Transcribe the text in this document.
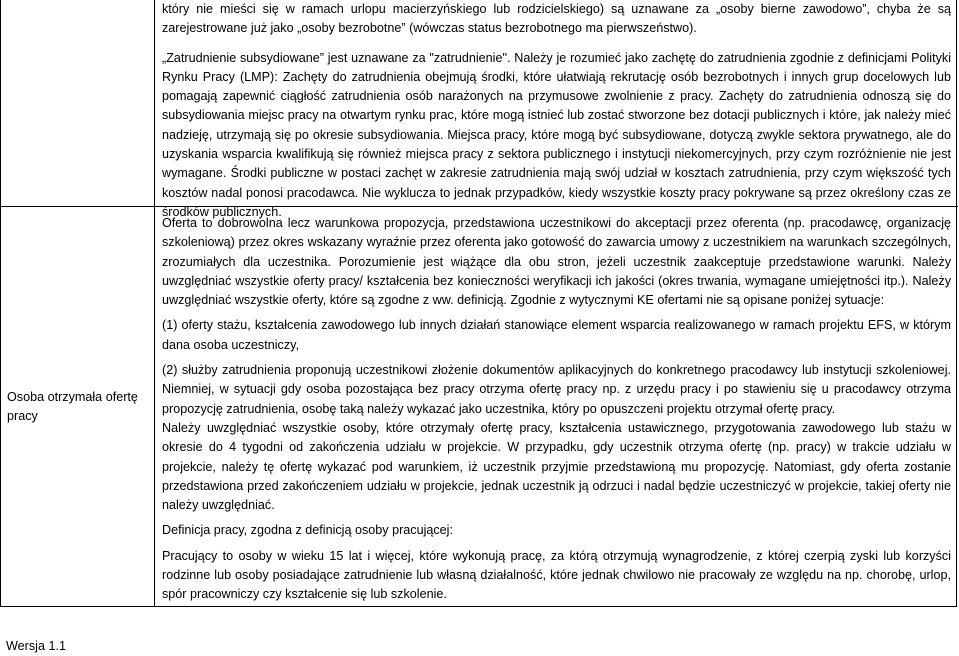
który nie mieści się w ramach urlopu macierzyńskiego lub rodzicielskiego) są uznawane za „osoby bierne zawodowo”, chyba że są zarejestrowane już jako „osoby bezrobotne” (wówczas status bezrobotnego ma pierwszeństwo).

„Zatrudnienie subsydiowane” jest uznawane za "zatrudnienie". Należy je rozumieć jako zachętę do zatrudnienia zgodnie z definicjami Polityki Rynku Pracy (LMP): Zachęty do zatrudnienia obejmują środki, które ułatwiają rekrutację osób bezrobotnych i innych grup docelowych lub pomagają zapewnić ciągłość zatrudnienia osób narażonych na przymusowe zwolnienie z pracy. Zachęty do zatrudnienia odnoszą się do subsydiowania miejsc pracy na otwartym rynku prac, które mogą istnieć lub zostać stworzone bez dotacji publicznych i które, jak należy mieć nadzieję, utrzymają się po okresie subsydiowania. Miejsca pracy, które mogą być subsydiowane, dotyczą zwykle sektora prywatnego, ale do uzyskania wsparcia kwalifikują się również miejsca pracy z sektora publicznego i instytucji niekomercyjnych, przy czym rozróżnienie nie jest wymagane. Środki publiczne w postaci zachęt w zakresie zatrudnienia mają swój udział w kosztach zatrudnienia, przy czym większość tych kosztów nadal ponosi pracodawca. Nie wyklucza to jednak przypadków, kiedy wszystkie koszty pracy pokrywane są przez określony czas ze środków publicznych.

Osoba otrzymała ofertę pracy

Oferta to dobrowolna lecz warunkowa propozycja, przedstawiona uczestnikowi do akceptacji przez oferenta (np. pracodawcę, organizację szkoleniową) przez okres wskazany wyraźnie przez oferenta jako gotowość do zawarcia umowy z uczestnikiem na warunkach szczególnych, zrozumiałych dla uczestnika. Porozumienie jest wiążące dla obu stron, jeżeli uczestnik zaakceptuje przedstawione warunki. Należy uwzględniać wszystkie oferty pracy/ kształcenia bez konieczności weryfikacji ich jakości (okres trwania, wymagane umiejętności itp.). Należy uwzględniać wszystkie oferty, które są zgodne z ww. definicją. Zgodnie z wytycznymi KE ofertami nie są opisane poniżej sytuacje:

(1) oferty stażu, kształcenia zawodowego lub innych działań stanowiące element wsparcia realizowanego w ramach projektu EFS, w którym dana osoba uczestniczy,

(2) służby zatrudnienia proponują uczestnikowi złożenie dokumentów aplikacyjnych do konkretnego pracodawcy lub instytucji szkoleniowej. Niemniej, w sytuacji gdy osoba pozostająca bez pracy otrzyma ofertę pracy np. z urzędu pracy i po stawieniu się u pracodawcy otrzyma propozycję zatrudnienia, osobę taką należy wykazać jako uczestnika, który po opuszczeni projektu otrzymał ofertę pracy.

Należy uwzględniać wszystkie osoby, które otrzymały ofertę pracy, kształcenia ustawicznego, przygotowania zawodowego lub stażu w okresie do 4 tygodni od zakończenia udziału w projekcie. W przypadku, gdy uczestnik otrzyma ofertę (np. pracy) w trakcie udziału w projekcie, należy tę ofertę wykazać pod warunkiem, iż uczestnik przyjmie przedstawioną mu propozycję. Natomiast, gdy oferta zostanie przedstawiona przed zakończeniem udziału w projekcie, jednak uczestnik ją odrzuci i nadal będzie uczestniczyć w projekcie, takiej oferty nie należy uwzględniać.

Definicja pracy, zgodna z definicją osoby pracującej:

Pracujący to osoby w wieku 15 lat i więcej, które wykonują pracę, za którą otrzymują wynagrodzenie, z której czerpią zyski lub korzyści rodzinne lub osoby posiadające zatrudnienie lub własną działalność, które jednak chwilowo nie pracowały ze względu na np. chorobę, urlop, spór pracowniczy czy kształcenie się lub szkolenie.

Wersja 1.1
